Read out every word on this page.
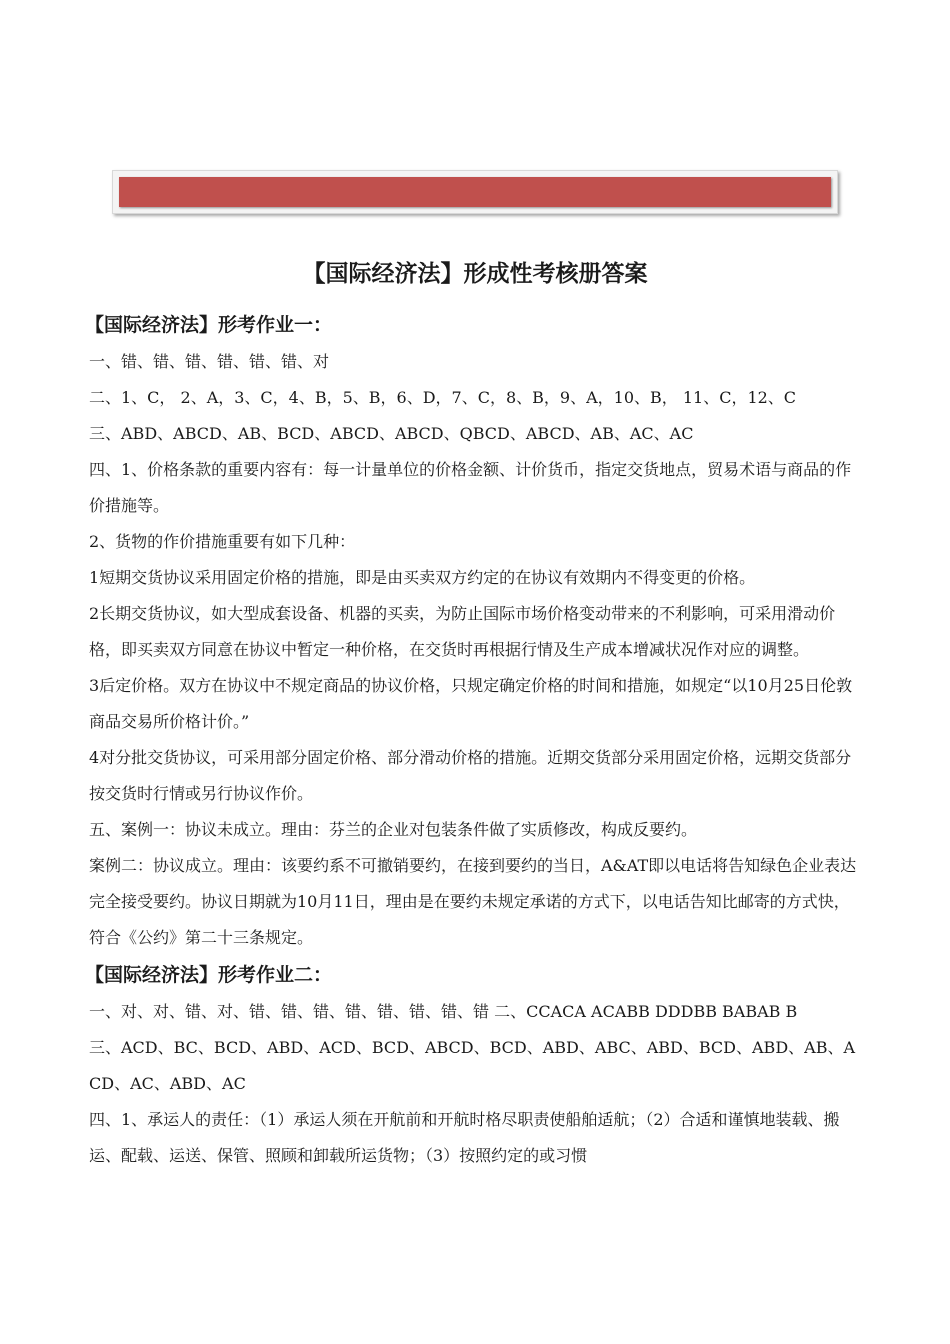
【国际经济法】形成性考核册答案
【国际经济法】形考作业一：
一、错、错、错、错、错、错、对
二、1、C， 2、A，3、C，4、B，5、B，6、D，7、C，8、B，9、A，10、B， 11、C，12、C
三、ABD、ABCD、AB、BCD、ABCD、ABCD、QBCD、ABCD、AB、AC、AC
四、1、价格条款的重要内容有：每一计量单位的价格金额、计价货币，指定交货地点，贸易术语与商品的作价措施等。
2、货物的作价措施重要有如下几种：
1短期交货协议采用固定价格的措施，即是由买卖双方约定的在协议有效期内不得变更的价格。
2长期交货协议，如大型成套设备、机器的买卖，为防止国际市场价格变动带来的不利影响，可采用滑动价格，即买卖双方同意在协议中暂定一种价格，在交货时再根据行情及生产成本增减状况作对应的调整。
3后定价格。双方在协议中不规定商品的协议价格，只规定确定价格的时间和措施，如规定“以10月25日伦敦商品交易所价格计价。”
4对分批交货协议，可采用部分固定价格、部分滑动价格的措施。近期交货部分采用固定价格，远期交货部分按交货时行情或另行协议作价。
五、案例一：协议未成立。理由：芬兰的企业对包装条件做了实质修改，构成反要约。
案例二：协议成立。理由：该要约系不可撤销要约，在接到要约的当日，A&AT即以电话将告知绿色企业表达完全接受要约。协议日期就为10月11日，理由是在要约未规定承诺的方式下，以电话告知比邮寄的方式快，符合《公约》第二十三条规定。
【国际经济法】形考作业二：
一、对、对、错、对、错、错、错、错、错、错、错、错 二、CCACA ACABB DDDBB BABAB B
三、ACD、BC、BCD、ABD、ACD、BCD、ABCD、BCD、ABD、ABC、ABD、BCD、ABD、AB、ACD、AC、ABD、AC
四、1、承运人的责任：（1）承运人须在开航前和开航时格尽职责使船舶适航；（2）合适和谨慎地装载、搬运、配载、运送、保管、照顾和卸载所运货物；（3）按照约定的或习惯
